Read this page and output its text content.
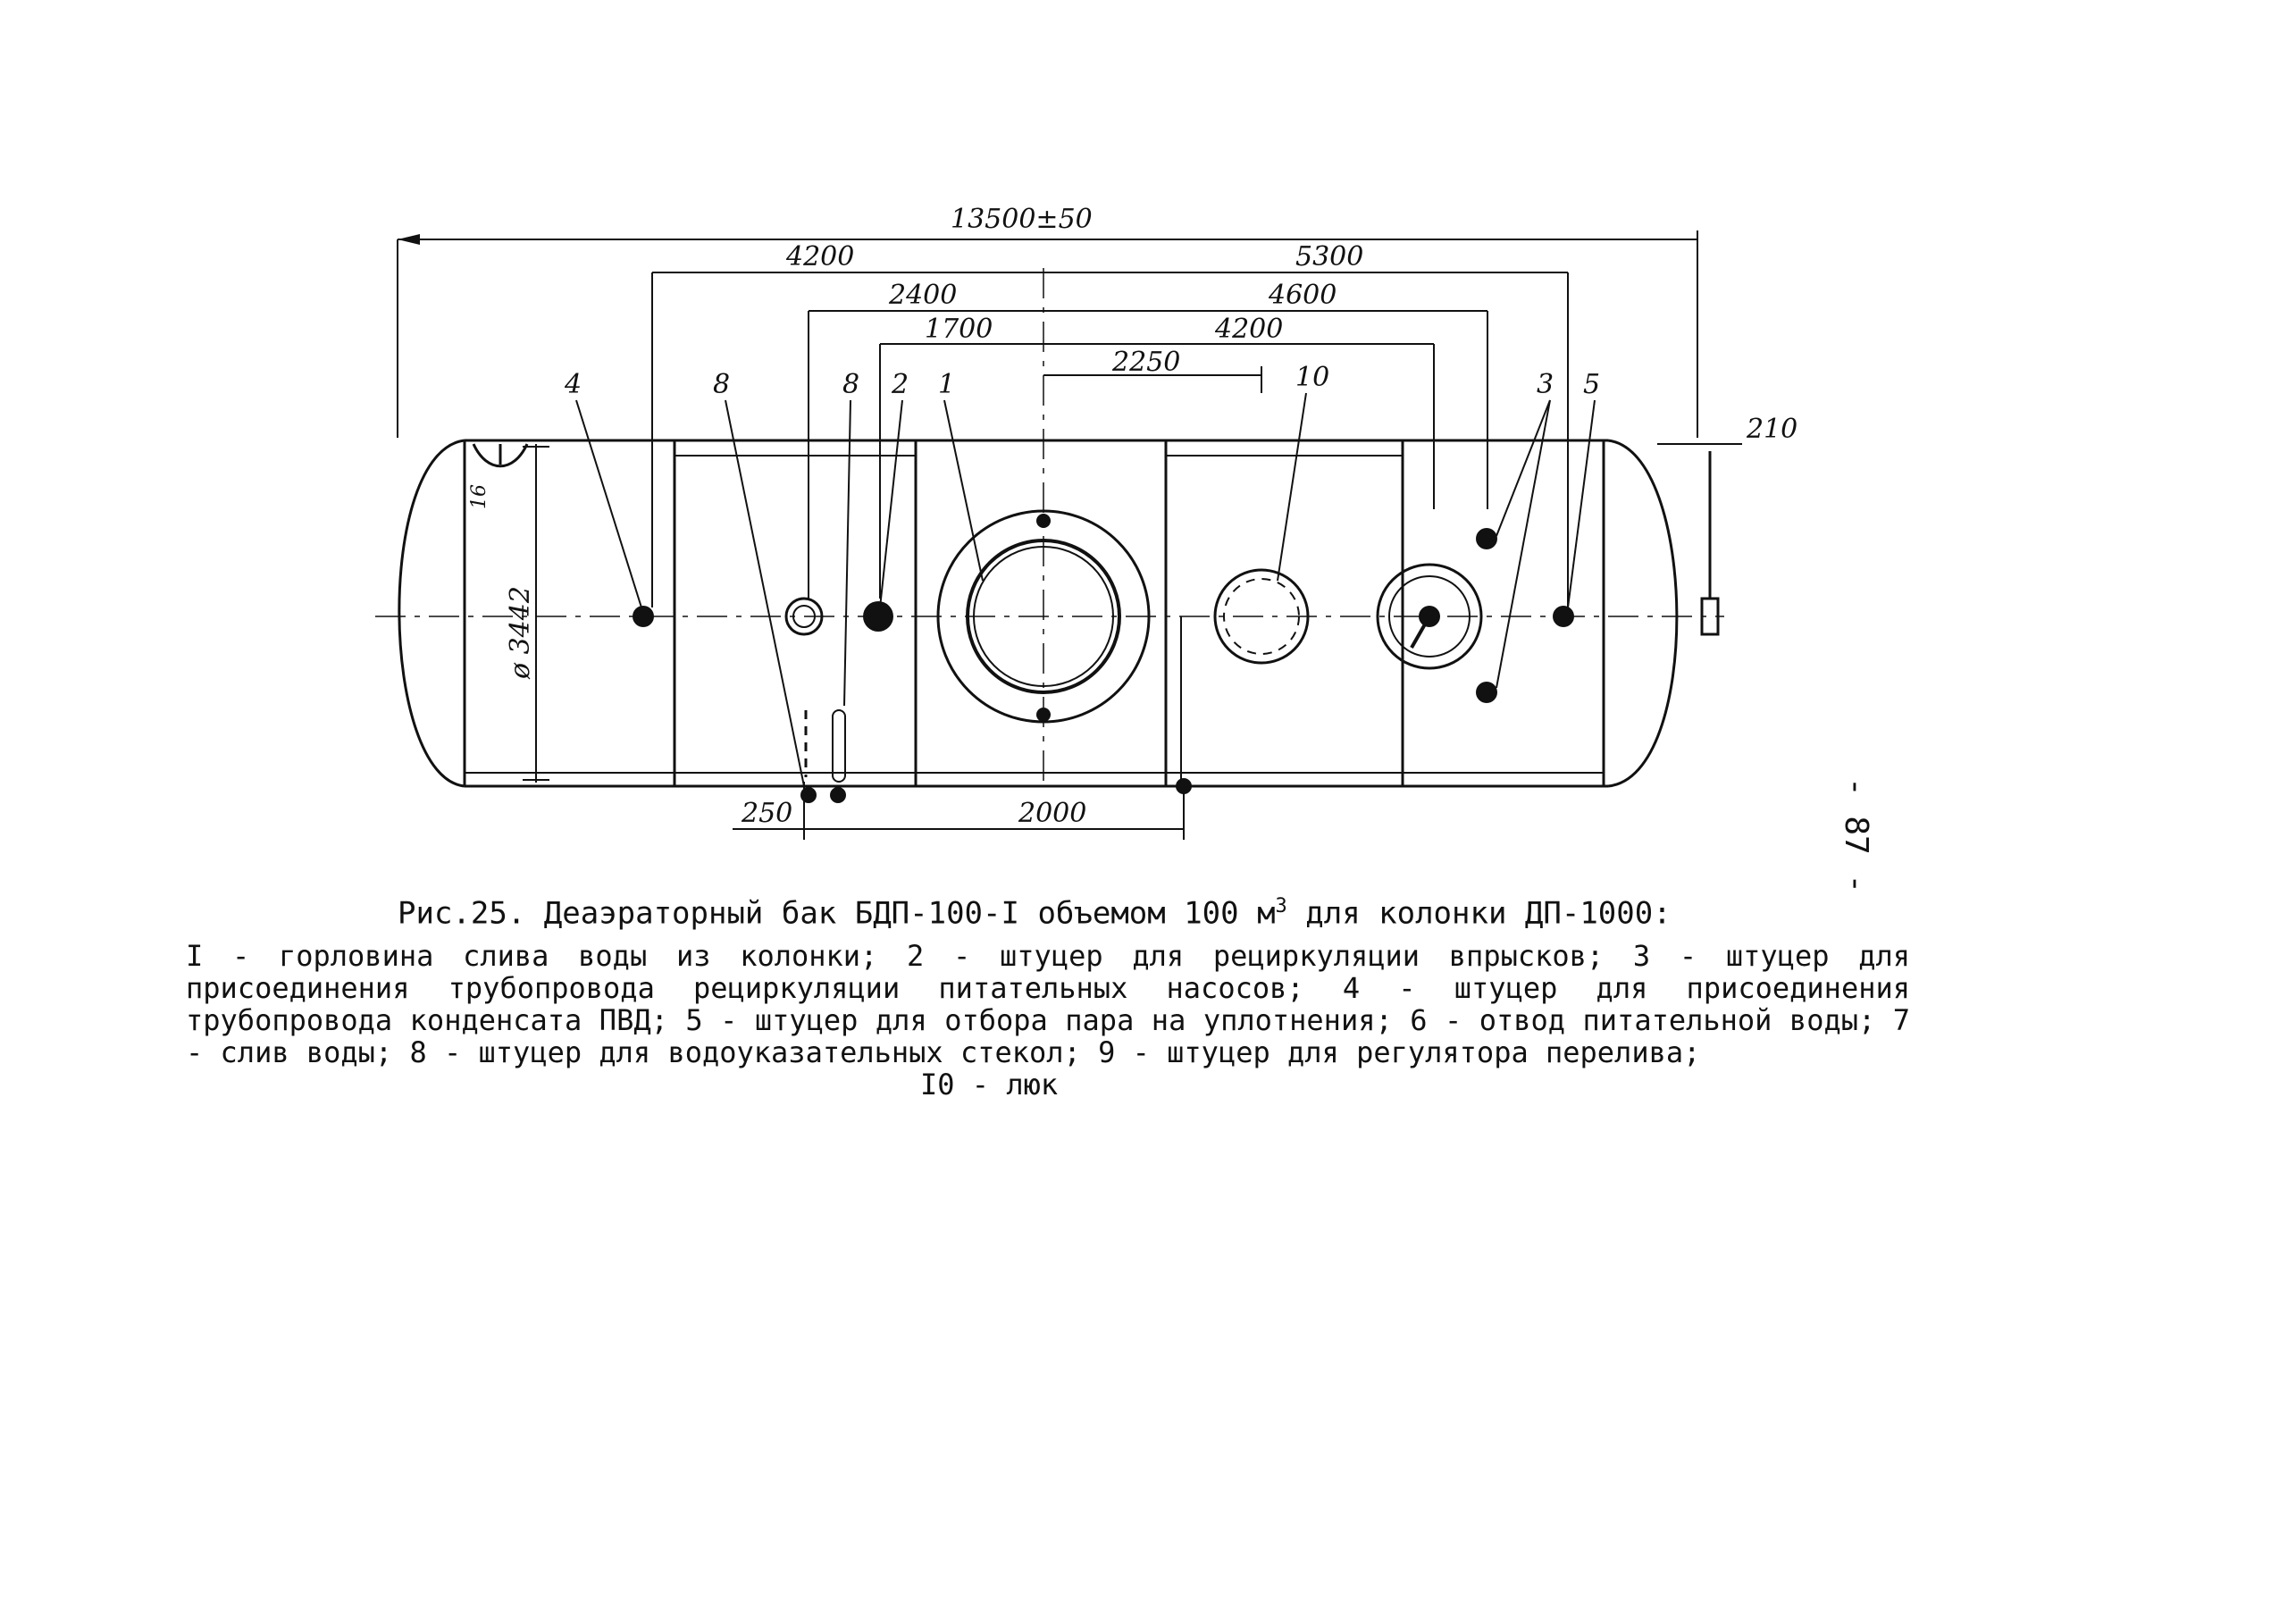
13500±50
4200	5300
2400	4600
1700	4200
2250
210
16
ø 3442
250	2000
4	8	8 2 1	10	3 5
Рис.25. Деаэраторный бак БДП-100-I объемом 100 $м^3$ для колонки ДП-1000:
I - горловина слива воды из колонки; 2 - штуцер для рециркуляции впрысков; 3 - штуцер для присоединения трубопровода рециркуляции питательных насосов; 4 - штуцер для присоединения трубопровода конденсата ПВД; 5 - штуцер для отбора пара на уплотнения; 6 - отвод питательной воды; 7 - слив воды; 8 - штуцер для водоуказательных стекол; 9 - штуцер для регулятора перелива;
I0 - люк
- 87 -
